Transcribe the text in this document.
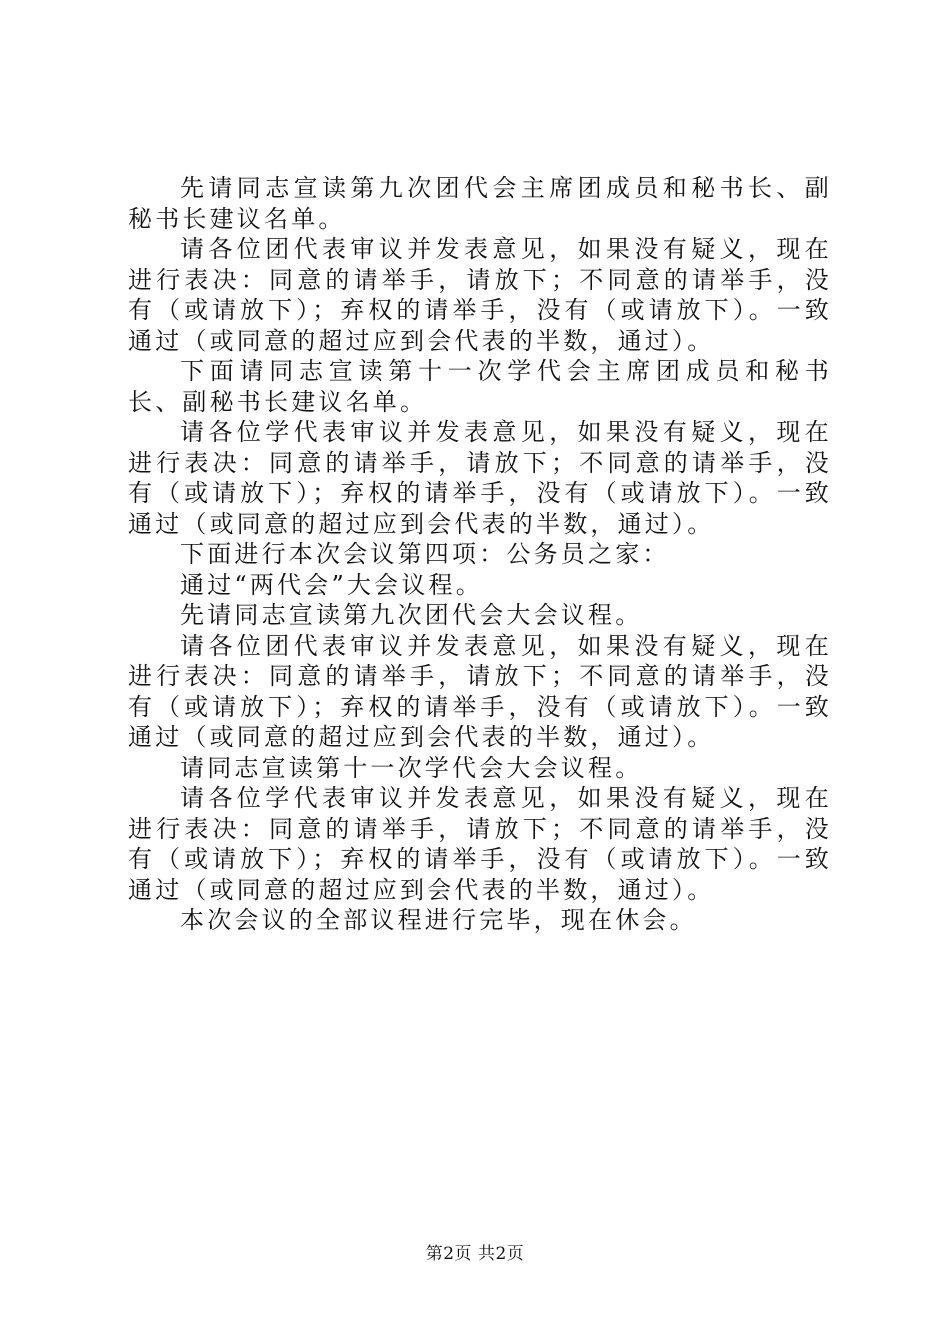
先请同志宣读第九次团代会主席团成员和秘书长、副秘书长建议名单。

请各位团代表审议并发表意见，如果没有疑义，现在进行表决：同意的请举手，请放下；不同意的请举手，没有（或请放下）；弃权的请举手，没有（或请放下）。一致通过（或同意的超过应到会代表的半数，通过）。

下面请同志宣读第十一次学代会主席团成员和秘书长、副秘书长建议名单。

请各位学代表审议并发表意见，如果没有疑义，现在进行表决：同意的请举手，请放下；不同意的请举手，没有（或请放下）；弃权的请举手，没有（或请放下）。一致通过（或同意的超过应到会代表的半数，通过）。

下面进行本次会议第四项：公务员之家：

通过“两代会”大会议程。

先请同志宣读第九次团代会大会议程。

请各位团代表审议并发表意见，如果没有疑义，现在进行表决：同意的请举手，请放下；不同意的请举手，没有（或请放下）；弃权的请举手，没有（或请放下）。一致通过（或同意的超过应到会代表的半数，通过）。

请同志宣读第十一次学代会大会议程。

请各位学代表审议并发表意见，如果没有疑义，现在进行表决：同意的请举手，请放下；不同意的请举手，没有（或请放下）；弃权的请举手，没有（或请放下）。一致通过（或同意的超过应到会代表的半数，通过）。

本次会议的全部议程进行完毕，现在休会。

第2页 共2页
